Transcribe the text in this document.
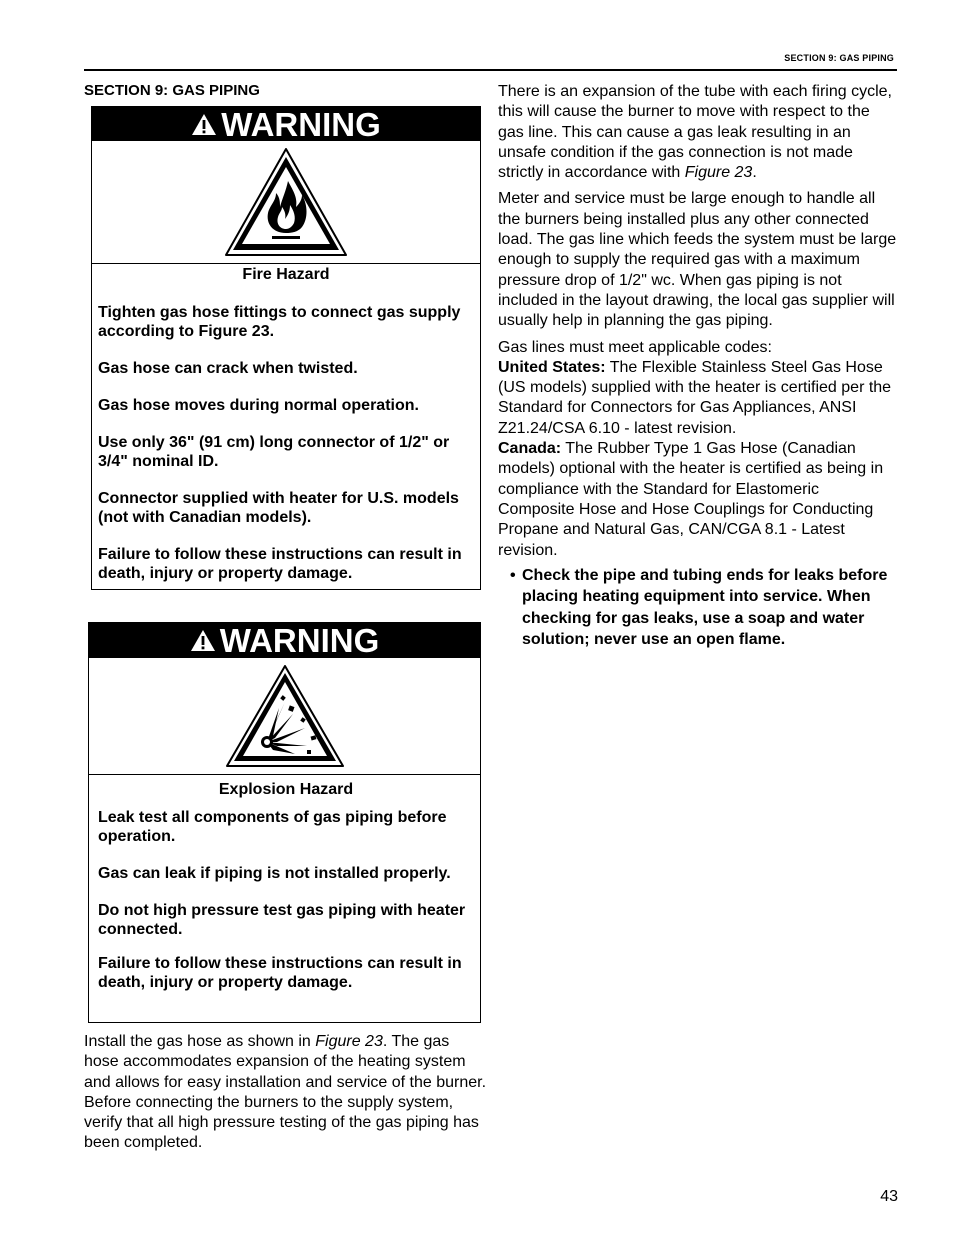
SECTION 9: GAS PIPING
SECTION 9: GAS PIPING
WARNING
Fire Hazard
Tighten gas hose fittings to connect gas supply according to Figure 23.
Gas hose can crack when twisted.
Gas hose moves during normal operation.
Use only 36" (91 cm) long connector of 1/2" or 3/4" nominal ID.
Connector supplied with heater for U.S. models (not with Canadian models).
Failure to follow these instructions can result in death, injury or property damage.
WARNING
Explosion Hazard
Leak test all components of gas piping before operation.
Gas can leak if piping is not installed properly.
Do not high pressure test gas piping with heater connected.
Failure to follow these instructions can result in death, injury or property damage.

Install the gas hose as shown in Figure 23. The gas hose accommodates expansion of the heating system and allows for easy installation and service of the burner. Before connecting the burners to the supply system, verify that all high pressure testing of the gas piping has been completed.

There is an expansion of the tube with each firing cycle, this will cause the burner to move with respect to the gas line. This can cause a gas leak resulting in an unsafe condition if the gas connection is not made strictly in accordance with Figure 23.

Meter and service must be large enough to handle all the burners being installed plus any other connected load. The gas line which feeds the system must be large enough to supply the required gas with a maximum pressure drop of 1/2" wc. When gas piping is not included in the layout drawing, the local gas supplier will usually help in planning the gas piping.

Gas lines must meet applicable codes:

United States: The Flexible Stainless Steel Gas Hose (US models) supplied with the heater is certified per the Standard for Connectors for Gas Appliances, ANSI Z21.24/CSA 6.10 - latest revision.

Canada: The Rubber Type 1 Gas Hose (Canadian models) optional with the heater is certified as being in compliance with the Standard for Elastomeric Composite Hose and Hose Couplings for Conducting Propane and Natural Gas, CAN/CGA 8.1 - Latest revision.

• Check the pipe and tubing ends for leaks before placing heating equipment into service. When checking for gas leaks, use a soap and water solution; never use an open flame.
43
